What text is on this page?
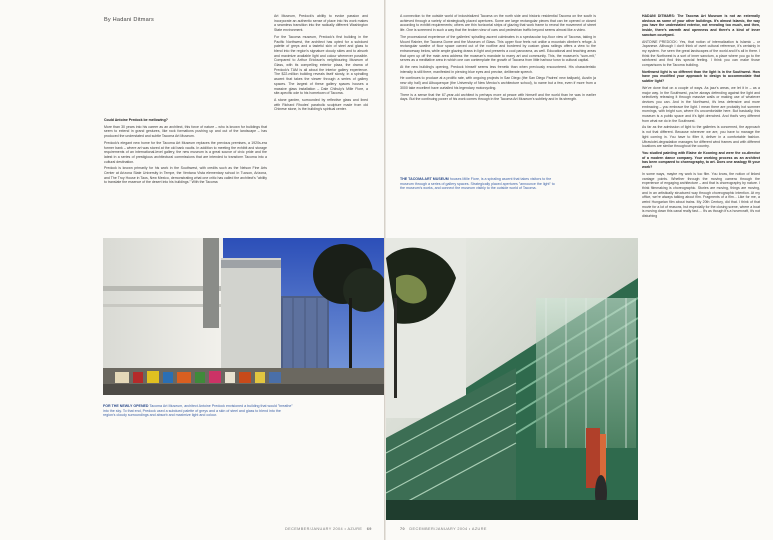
By Hadani Ditmars

Could Antoine Predock be mellowing?

More than 30 years into his career as an architect, this force of nature – who is known for buildings that seem to extend in grand gestures, like rock formations pushing up and out of the landscape – has produced the understated and subtle Tacoma Art Museum.

Predock's elegant new home for the Tacoma Art Museum replaces the previous premises, a 1920s-era former bank – where art was stored at the old bank vaults. In addition to meeting the exhibit and storage requirements of an international-level gallery, the new museum is a great source of civic pride and the latest in a series of prestigious architectural commissions that are intended to transform Tacoma into a cultural destination.

Predock is known primarily for his work in the Southwest, with credits such as the Nelson Fine Arts Center at Arizona State University in Tempe, the Ventana Vista elementary school in Tucson, Arizona, and The Troy House in Taos, New Mexico, demonstrating what one critic has called the architect's "ability to translate the essence of the desert into his buildings." With the Tacoma

Art Museum, Predock's ability to evoke passion and incorporate an authentic sense of place into his work makes a seamless transition into the radically different Washington State environment.

For the Tacoma museum, Predock's first building in the Pacific Northwest, the architect has opted for a subdued palette of greys and a tasteful skin of steel and glass to blend into the region's signature cloudy skies and to absorb and maximize available light and colour whenever possible. Compared to Arthur Erickson's neighbouring Museum of Glass, with its compelling exterior plaza, the drama of Predock's TAM is all about the interior gallery experience. The $22-million building reveals itself slowly, in a spiralling ascent that takes the viewer through a series of gallery spaces. The largest of these gallery spaces houses a massive glass installation – Dale Chihuly's Mille Fiore, a site-specific ode to his hometown of Tacoma.

A stone garden, surrounded by reflective glass and lined with Richard Rhodes' parabolic sculpture made from old Chinese stone, is the building's spiritual center.

FOR THE NEWLY OPENED Tacoma Art Museum, architect Antoine Predock envisioned a building that would "breathe" into the sky. To that end, Predock used a subdued palette of greys and a skin of steel and glass to blend into the region's cloudy surroundings and absorb and maximize light and colour.
DECEMBER/JANUARY 2004 • AZURE 69

A connection to the outside world of industrialized Tacoma on the north side and historic residential Tacoma on the south is achieved through a variety of strategically placed apertures. Some are large rectangular pieces that can be opened or closed according to exhibit requirements; others are thin horizontal strips of glazing that work frame to reveal the movement of street life. One is screened in such a way that the broken view of cars and pedestrian traffic beyond seems almost like a video.

The processional experience of the galleries' spiralling ascent culminates in a spectacular top-floor view of Tacoma, taking in Mount Rainier, the Tacoma Dome and the Museum of Glass. This upper floor feels not unlike a mountain climber's refuge. A rectangular swathe of floor space carved out of the roofline and bordered by custom glass railings offers a view to the entranceway below, while ample glazing draws in light and presents a cool panorama, as well. Educational and teaching areas that open up off the main area address the museum's mandate to marry art and community. This, the museum's "sum-mit," serves as a meditative area in which one can contemplate the growth of Tacoma from little harbour town to cultural capital.

At the new building's opening, Predock himself seems less frenetic than when previously encountered. His characteristic intensity is still there, manifested in piercing blue eyes and precise, deliberate speech.

He continues to produce at a prolific rate, with ongoing projects in San Diego (the San Diego Padres' new ballpark), Austin (a new city hall) and Albuquerque (the University of New Mexico's architecture school), to name but a few, even if more from a 3000 take excellent have curtailed his legendary motorcycling.

There is a sense that the 67-year-old architect is perhaps more at peace with himself and the world than he was in earlier days. But the continuing power of his work comes through in the Tacoma Art Museum's subtlety and in its strength.

THE TACOMA ART MUSEUM houses Mille Fiore, is a spiraling ascent that takes visitors to the museum through a series of gallery spaces. Strategically placed apertures "announce the light" to the museum's works, and connect the museum visibly to the outside world of Tacoma.
70 DECEMBER/JANUARY 2004 • AZURE

HADANI DITMARS: The Tacoma Art Museum is not an externally obvious as some of your other buildings. It's almost Islamic, the way you have the understated exterior, not revealing too much, and then, inside, there's warmth and openness and there's a kind of inner sanctum courtyard.

ANTOINE PREDOCK: Yes, that notion of internalization is Islamic – or Japanese. Although I don't think of overt cultural reference, it's certainly in my system. I've seen the great landscapes of the world and it's all in there. I think the Northwest is a sort of inner sanctum, a place where you go to the rainforest and find this special feeling. I think you can make those comparisons to the Tacoma building.

Northwest light is so different than the light is in the Southwest. How have you modified your approach to design to accommodate that subtler light?

We've done that on a couple of ways. As jazz's areas, we let it in – as a major way. In the Southwest, you're always defending against the light and selectively releasing it through massive walls or making use of whatever devices you can. And in the Northwest, it's less defensive and more embracing – you embrace the light. I mean there are probably hot summer mornings, with bright sun, where it's uncomfortable here. But basically, this museum is a public space and it's light drenched. And that's very different from what we do in the Southwest.

As far as the admission of light to the galleries is concerned, the approach is not that different. Because wherever we are, you have to manage the light coming in. You have to filter it, deliver in a comfortable fashion. Ultraviolet-degradation manages for different wind frames and with different locations are similar throughout the country.

You studied painting with Elaine de Kooning and were the co-director of a modern dance company. Your working process as an architect has been compared to choreography, to art. Does one analogy fit your work?

In some ways, maybe my work is too film. You know, the notion of linked vantage points. Whether through the moving camera through the experience of engaging architecture – and that is choreography by nature. I think filmmaking is choreographic. Stories are moving, things are moving, and in an artistically structured way through choreographic intention. At my office, we're always talking about film. Fragments of a film... Like for me, a weird Hungarian film about trains. My 20th Century, did that. I think of that movie for a lot of reasons, but especially for the closing scene, where a boat is moving down this canal really fast.... It's as though it's a hovercraft, it's not disturbing
